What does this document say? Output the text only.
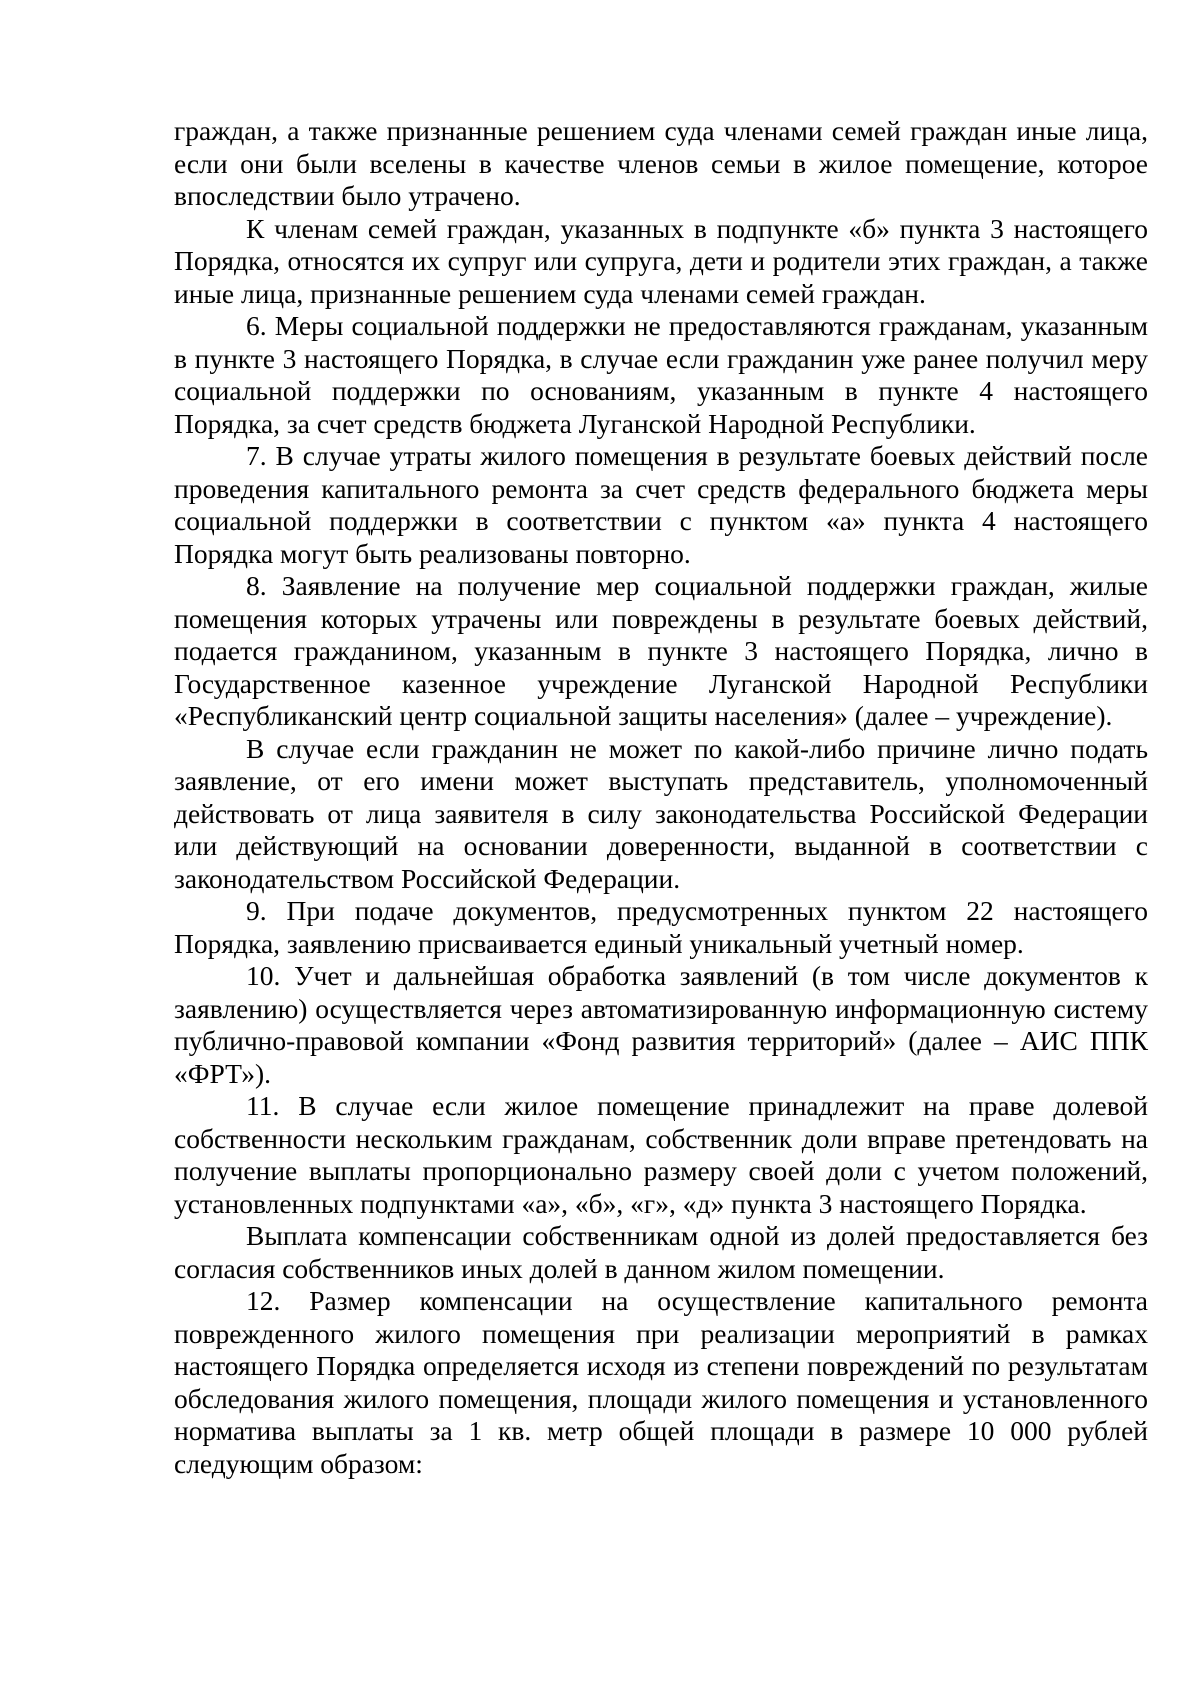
граждан, а также признанные решением суда членами семей граждан иные лица, если они были вселены в качестве членов семьи в жилое помещение, которое впоследствии было утрачено.

К членам семей граждан, указанных в подпункте «б» пункта 3 настоящего Порядка, относятся их супруг или супруга, дети и родители этих граждан, а также иные лица, признанные решением суда членами семей граждан.

6. Меры социальной поддержки не предоставляются гражданам, указанным в пункте 3 настоящего Порядка, в случае если гражданин уже ранее получил меру социальной поддержки по основаниям, указанным в пункте 4 настоящего Порядка, за счет средств бюджета Луганской Народной Республики.

7. В случае утраты жилого помещения в результате боевых действий после проведения капитального ремонта за счет средств федерального бюджета меры социальной поддержки в соответствии с пунктом «а» пункта 4 настоящего Порядка могут быть реализованы повторно.

8. Заявление на получение мер социальной поддержки граждан, жилые помещения которых утрачены или повреждены в результате боевых действий, подается гражданином, указанным в пункте 3 настоящего Порядка, лично в Государственное казенное учреждение Луганской Народной Республики «Республиканский центр социальной защиты населения» (далее – учреждение).

В случае если гражданин не может по какой-либо причине лично подать заявление, от его имени может выступать представитель, уполномоченный действовать от лица заявителя в силу законодательства Российской Федерации или действующий на основании доверенности, выданной в соответствии с законодательством Российской Федерации.

9. При подаче документов, предусмотренных пунктом 22 настоящего Порядка, заявлению присваивается единый уникальный учетный номер.

10. Учет и дальнейшая обработка заявлений (в том числе документов к заявлению) осуществляется через автоматизированную информационную систему публично-правовой компании «Фонд развития территорий» (далее – АИС ППК «ФРТ»).

11. В случае если жилое помещение принадлежит на праве долевой собственности нескольким гражданам, собственник доли вправе претендовать на получение выплаты пропорционально размеру своей доли с учетом положений, установленных подпунктами «а», «б», «г», «д» пункта 3 настоящего Порядка.

Выплата компенсации собственникам одной из долей предоставляется без согласия собственников иных долей в данном жилом помещении.

12. Размер компенсации на осуществление капитального ремонта поврежденного жилого помещения при реализации мероприятий в рамках настоящего Порядка определяется исходя из степени повреждений по результатам обследования жилого помещения, площади жилого помещения и установленного норматива выплаты за 1 кв. метр общей площади в размере 10 000 рублей следующим образом:
